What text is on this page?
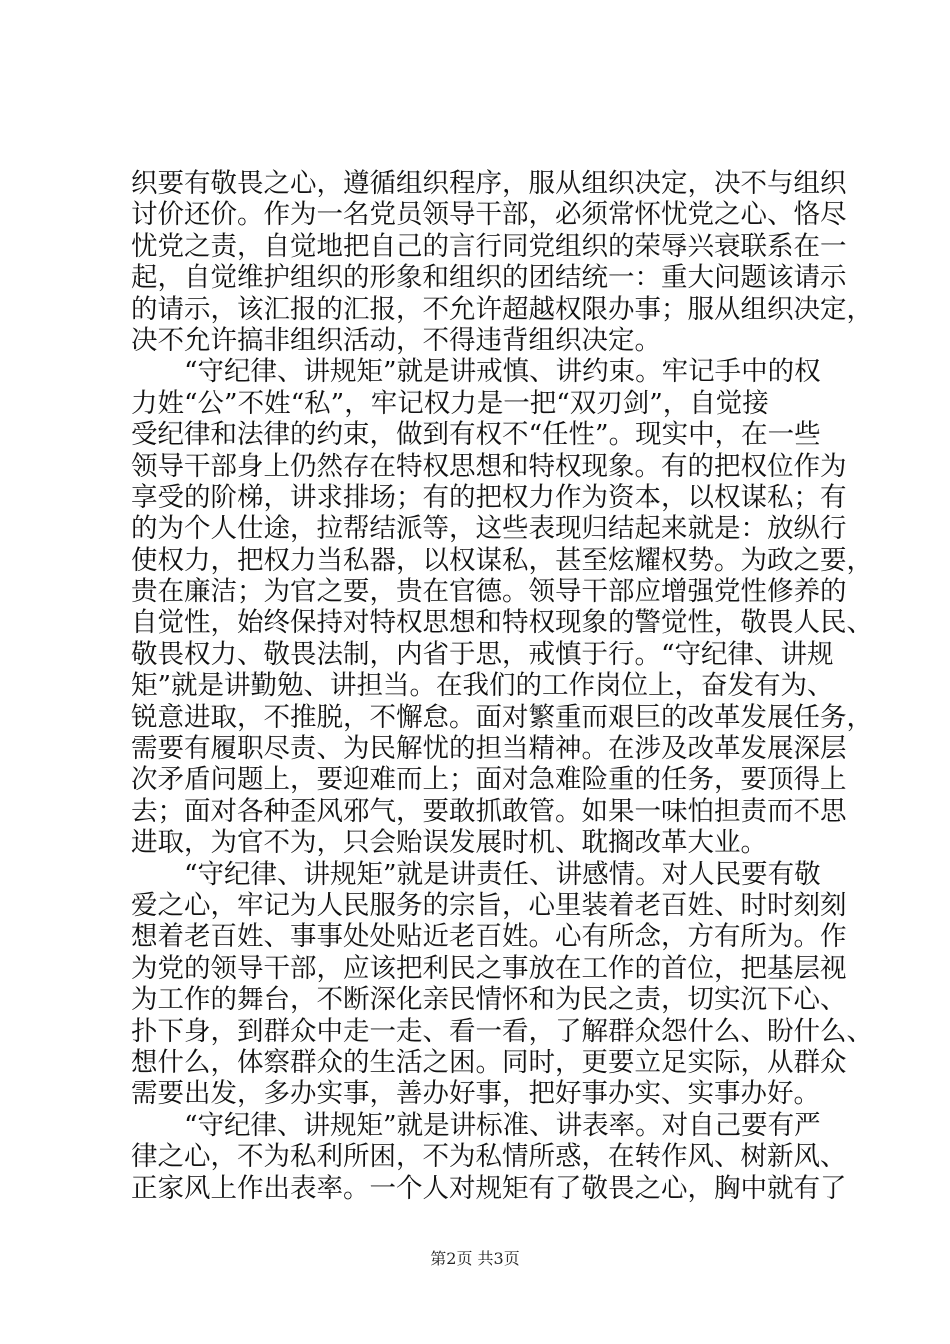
织要有敬畏之心，遵循组织程序，服从组织决定，决不与组织
讨价还价。作为一名党员领导干部，必须常怀忧党之心、恪尽
忧党之责，自觉地把自己的言行同党组织的荣辱兴衰联系在一
起，自觉维护组织的形象和组织的团结统一：重大问题该请示
的请示，该汇报的汇报，不允许超越权限办事；服从组织决定，
决不允许搞非组织活动，不得违背组织决定。
“守纪律、讲规矩”就是讲戒慎、讲约束。牢记手中的权
力姓“公”不姓“私”，牢记权力是一把“双刃剑”，自觉接
受纪律和法律的约束，做到有权不“任性”。现实中，在一些
领导干部身上仍然存在特权思想和特权现象。有的把权位作为
享受的阶梯，讲求排场；有的把权力作为资本，以权谋私；有
的为个人仕途，拉帮结派等，这些表现归结起来就是：放纵行
使权力，把权力当私器，以权谋私，甚至炫耀权势。为政之要，
贵在廉洁；为官之要，贵在官德。领导干部应增强党性修养的
自觉性，始终保持对特权思想和特权现象的警觉性，敬畏人民、
敬畏权力、敬畏法制，内省于思，戒慎于行。“守纪律、讲规
矩”就是讲勤勉、讲担当。在我们的工作岗位上，奋发有为、
锐意进取，不推脱，不懈怠。面对繁重而艰巨的改革发展任务，
需要有履职尽责、为民解忧的担当精神。在涉及改革发展深层
次矛盾问题上，要迎难而上；面对急难险重的任务，要顶得上
去；面对各种歪风邪气，要敢抓敢管。如果一味怕担责而不思
进取，为官不为，只会贻误发展时机、耽搁改革大业。
“守纪律、讲规矩”就是讲责任、讲感情。对人民要有敬
爱之心，牢记为人民服务的宗旨，心里装着老百姓、时时刻刻
想着老百姓、事事处处贴近老百姓。心有所念，方有所为。作
为党的领导干部，应该把利民之事放在工作的首位，把基层视
为工作的舞台，不断深化亲民情怀和为民之责，切实沉下心、
扑下身，到群众中走一走、看一看，了解群众怨什么、盼什么、
想什么，体察群众的生活之困。同时，更要立足实际，从群众
需要出发，多办实事，善办好事，把好事办实、实事办好。
“守纪律、讲规矩”就是讲标准、讲表率。对自己要有严
律之心，不为私利所困，不为私情所惑，在转作风、树新风、
正家风上作出表率。一个人对规矩有了敬畏之心，胸中就有了
第2页 共3页
